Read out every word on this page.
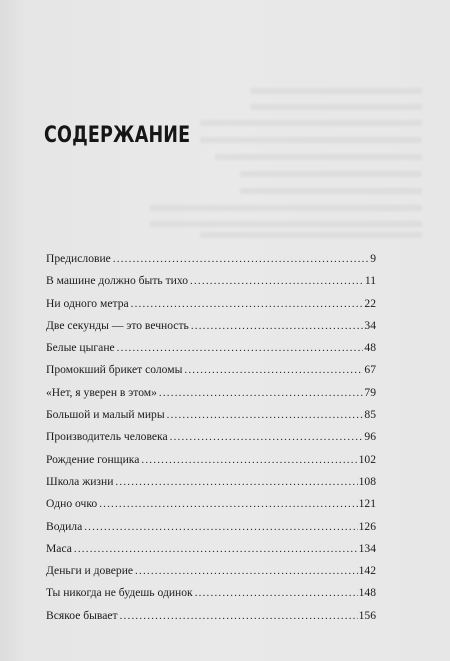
СОДЕРЖАНИЕ
Предисловие .....	9
В машине должно быть тихо .....	11
Ни одного метра .....	22
Две секунды — это вечность .....	34
Белые цыгане .....	48
Промокший брикет соломы .....	67
«Нет, я уверен в этом» .....	79
Большой и малый миры .....	85
Производитель человека .....	96
Рождение гонщика .....	102
Школа жизни .....	108
Одно очко .....	121
Водила .....	126
Маса .....	134
Деньги и доверие .....	142
Ты никогда не будешь одинок .....	148
Всякое бывает .....	156
